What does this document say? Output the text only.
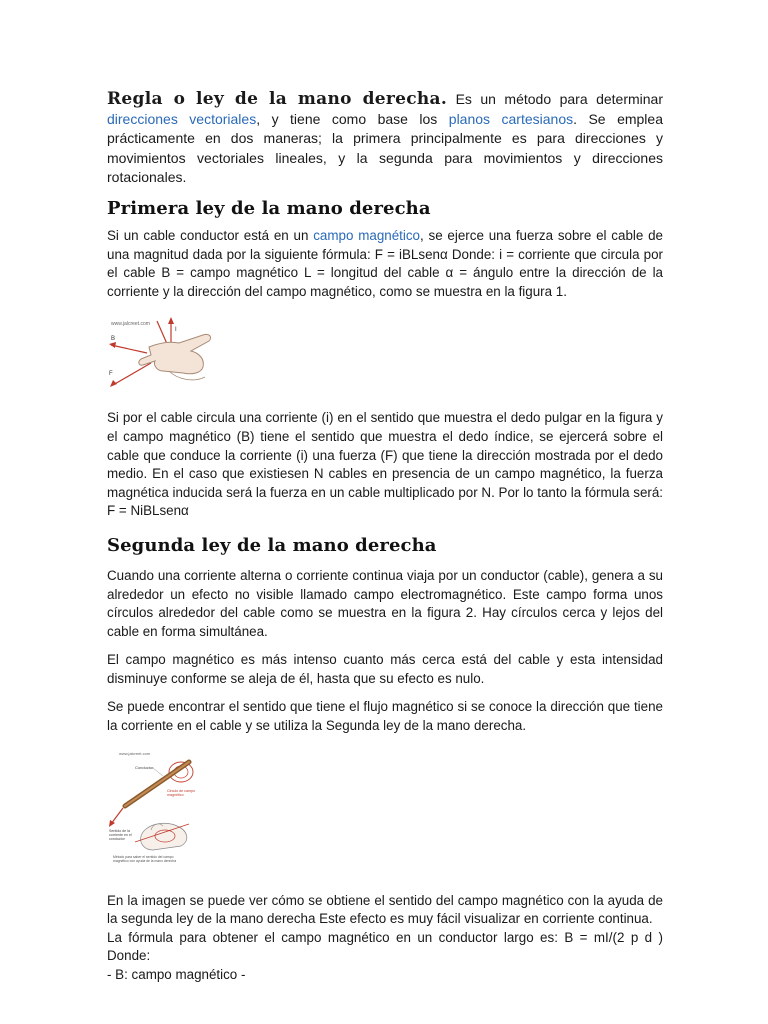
Regla o ley de la mano derecha. Es un método para determinar direcciones vectoriales, y tiene como base los planos cartesianos. Se emplea prácticamente en dos maneras; la primera principalmente es para direcciones y movimientos vectoriales lineales, y la segunda para movimientos y direcciones rotacionales.

Primera ley de la mano derecha

Si un cable conductor está en un campo magnético, se ejerce una fuerza sobre el cable de una magnitud dada por la siguiente fórmula: F = iBLsenα Donde: i = corriente que circula por el cable B = campo magnético L = longitud del cable α = ángulo entre la dirección de la corriente y la dirección del campo magnético, como se muestra en la figura 1.

www.jalcreet.com
I
B
F

Si por el cable circula una corriente (i) en el sentido que muestra el dedo pulgar en la figura y el campo magnético (B) tiene el sentido que muestra el dedo índice, se ejercerá sobre el cable que conduce la corriente (i) una fuerza (F) que tiene la dirección mostrada por el dedo medio. En el caso que existiesen N cables en presencia de un campo magnético, la fuerza magnética inducida será la fuerza en un cable multiplicado por N. Por lo tanto la fórmula será: F = NiBLsenα

Segunda ley de la mano derecha

Cuando una corriente alterna o corriente continua viaja por un conductor (cable), genera a su alrededor un efecto no visible llamado campo electromagnético. Este campo forma unos círculos alrededor del cable como se muestra en la figura 2. Hay círculos cerca y lejos del cable en forma simultánea.

El campo magnético es más intenso cuanto más cerca está del cable y esta intensidad disminuye conforme se aleja de él, hasta que su efecto es nulo.

Se puede encontrar el sentido que tiene el flujo magnético si se conoce la dirección que tiene la corriente en el cable y se utiliza la Segunda ley de la mano derecha.

www.jalcreet.com
Conductor
Circulo de campo
magnético
Sentido de la
corriente en el
conductor
Método para saber el sentido del campo
magnético con ayuda de la mano derecha

En la imagen se puede ver cómo se obtiene el sentido del campo magnético con la ayuda de la segunda ley de la mano derecha Este efecto es muy fácil visualizar en corriente continua.
La fórmula para obtener el campo magnético en un conductor largo es: B = mI/(2 p d ) Donde:
- B: campo magnético -
